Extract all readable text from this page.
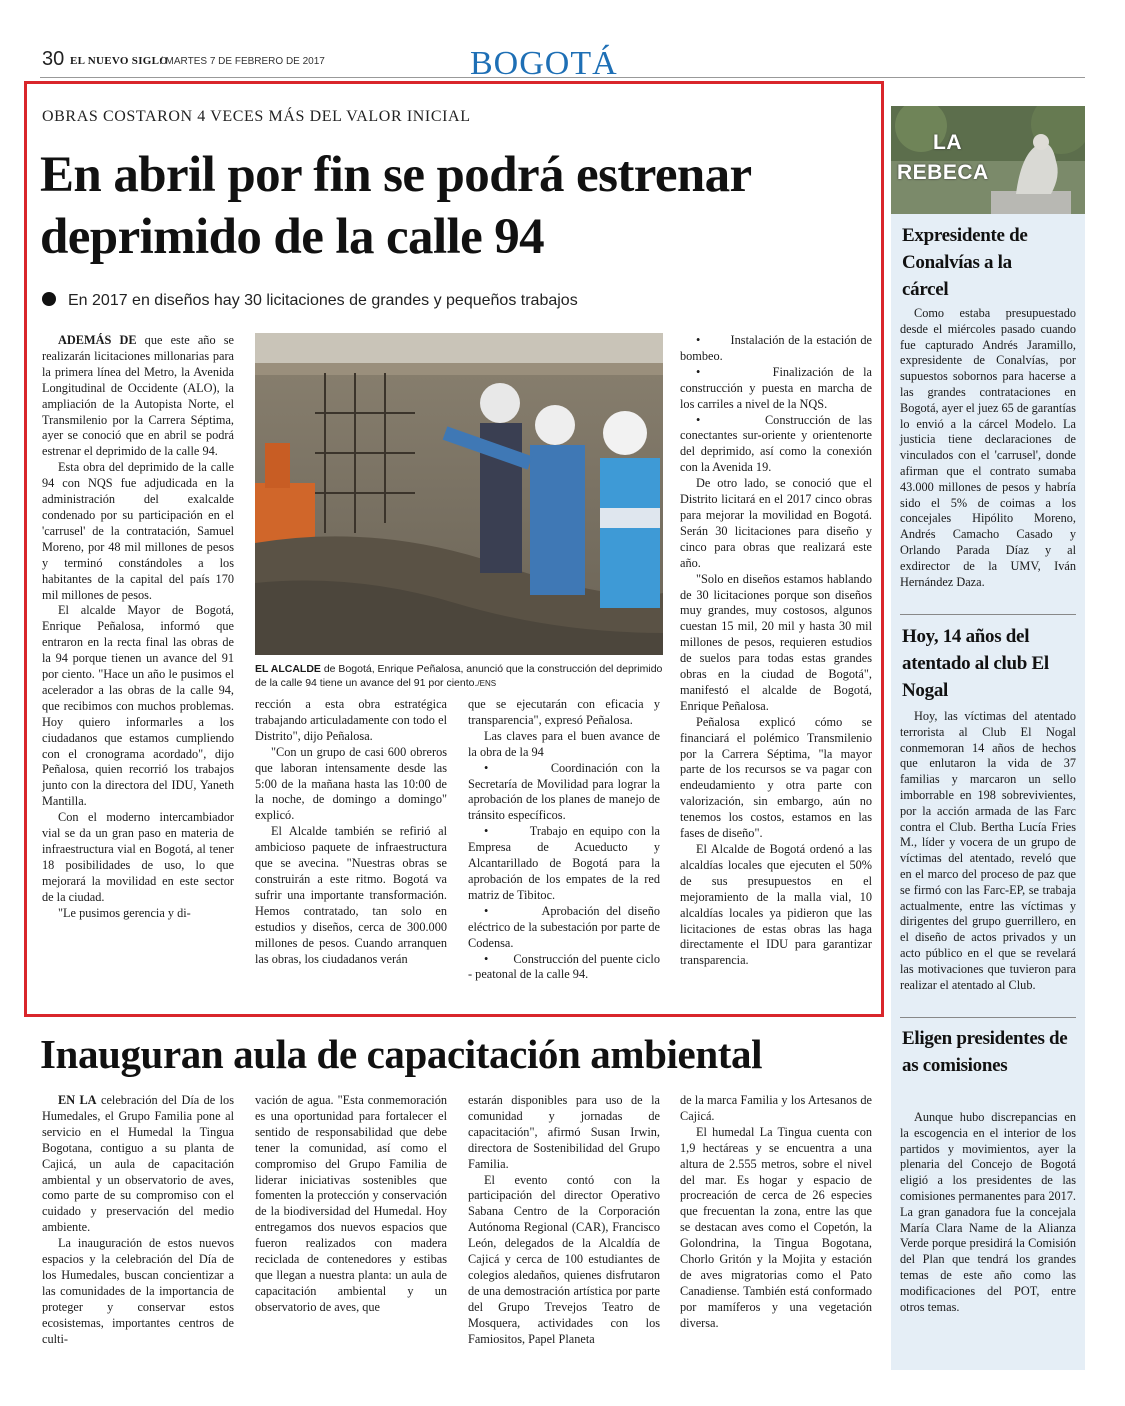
30 EL NUEVO SIGLO
/ MARTES 7 DE FEBRERO DE 2017	BOGOTÁ
OBRAS COSTARON 4 VECES MÁS DEL VALOR INICIAL
En abril por fin se podrá estrenar deprimido de la calle 94
En 2017 en diseños hay 30 licitaciones de grandes y pequeños trabajos

ADEMÁS DE que este año se realizarán licitaciones millonarias para la primera línea del Metro, la Avenida Longitudinal de Occidente (ALO), la ampliación de la Autopista Norte, el Transmilenio por la Carrera Séptima, ayer se conoció que en abril se podrá estrenar el deprimido de la calle 94.

Esta obra del deprimido de la calle 94 con NQS fue adjudicada en la administración del exalcalde condenado por su participación en el 'carrusel' de la contratación, Samuel Moreno, por 48 mil millones de pesos y terminó constándoles a los habitantes de la capital del país 170 mil millones de pesos.

El alcalde Mayor de Bogotá, Enrique Peñalosa, informó que entraron en la recta final las obras de la 94 porque tienen un avance del 91 por ciento. "Hace un año le pusimos el acelerador a las obras de la calle 94, que recibimos con muchos problemas. Hoy quiero informarles a los ciudadanos que estamos cumpliendo con el cronograma acordado", dijo Peñalosa, quien recorrió los trabajos junto con la directora del IDU, Yaneth Mantilla.

Con el moderno intercambiador vial se da un gran paso en materia de infraestructura vial en Bogotá, al tener 18 posibilidades de uso, lo que mejorará la movilidad en este sector de la ciudad.

"Le pusimos gerencia y di-

EL ALCALDE de Bogotá, Enrique Peñalosa, anunció que la construcción del deprimido de la calle 94 tiene un avance del 91 por ciento./ENS

rección a esta obra estratégica trabajando articuladamente con todo el Distrito", dijo Peñalosa.

"Con un grupo de casi 600 obreros que laboran intensamente desde las 5:00 de la mañana hasta las 10:00 de la noche, de domingo a domingo" explicó.

El Alcalde también se refirió al ambicioso paquete de infraestructura que se avecina. "Nuestras obras se construirán a este ritmo. Bogotá va sufrir una importante transformación. Hemos contratado, tan solo en estudios y diseños, cerca de 300.000 millones de pesos. Cuando arranquen las obras, los ciudadanos verán

que se ejecutarán con eficacia y transparencia", expresó Peñalosa.

Las claves para el buen avance de la obra de la 94

•        Coordinación con la Secretaría de Movilidad para lograr la aprobación de los planes de manejo de tránsito específicos.

•        Trabajo en equipo con la Empresa de Acueducto y Alcantarillado de Bogotá para la aprobación de los empates de la red matriz de Tibitoc.

•        Aprobación del diseño eléctrico de la subestación por parte de Codensa.

•        Construcción del puente ciclo - peatonal de la calle 94.

•        Instalación de la estación de bombeo.

•        Finalización de la construcción y puesta en marcha de los carriles a nivel de la NQS.

•        Construcción de las conectantes sur-oriente y orientenorte del deprimido, así como la conexión con la Avenida 19.

De otro lado, se conoció que el Distrito licitará en el 2017 cinco obras para mejorar la movilidad en Bogotá. Serán 30 licitaciones para diseño y cinco para obras que realizará este año.

"Solo en diseños estamos hablando de 30 licitaciones porque son diseños muy grandes, muy costosos, algunos cuestan 15 mil, 20 mil y hasta 30 mil millones de pesos, requieren estudios de suelos para todas estas grandes obras en la ciudad de Bogotá", manifestó el alcalde de Bogotá, Enrique Peñalosa.

Peñalosa explicó cómo se financiará el polémico Transmilenio por la Carrera Séptima, "la mayor parte de los recursos se va pagar con endeudamiento y otra parte con valorización, sin embargo, aún no tenemos los costos, estamos en las fases de diseño".

El Alcalde de Bogotá ordenó a las alcaldías locales que ejecuten el 50% de sus presupuestos en el mejoramiento de la malla vial, 10 alcaldías locales ya pidieron que las licitaciones de estas obras las haga directamente el IDU para garantizar transparencia.

Inauguran aula de capacitación ambiental

EN LA celebración del Día de los Humedales, el Grupo Familia pone al servicio en el Humedal la Tingua Bogotana, contiguo a su planta de Cajicá, un aula de capacitación ambiental y un observatorio de aves, como parte de su compromiso con el cuidado y preservación del medio ambiente.

La inauguración de estos nuevos espacios y la celebración del Día de los Humedales, buscan concientizar a las comunidades de la importancia de proteger y conservar estos ecosistemas, importantes centros de culti-

vación de agua. "Esta conmemoración es una oportunidad para fortalecer el sentido de responsabilidad que debe tener la comunidad, así como el compromiso del Grupo Familia de liderar iniciativas sostenibles que fomenten la protección y conservación de la biodiversidad del Humedal. Hoy entregamos dos nuevos espacios que fueron realizados con madera reciclada de contenedores y estibas que llegan a nuestra planta: un aula de capacitación ambiental y un observatorio de aves, que

estarán disponibles para uso de la comunidad y jornadas de capacitación", afirmó Susan Irwin, directora de Sostenibilidad del Grupo Familia.

El evento contó con la participación del director Operativo Sabana Centro de la Corporación Autónoma Regional (CAR), Francisco León, delegados de la Alcaldía de Cajicá y cerca de 100 estudiantes de colegios aledaños, quienes disfrutaron de una demostración artística por parte del Grupo Trevejos Teatro de Mosquera, actividades con los Famiositos, Papel Planeta

de la marca Familia y los Artesanos de Cajicá.

El humedal La Tingua cuenta con 1,9 hectáreas y se encuentra a una altura de 2.555 metros, sobre el nivel del mar. Es hogar y espacio de procreación de cerca de 26 especies que frecuentan la zona, entre las que se destacan aves como el Copetón, la Golondrina, la Tingua Bogotana, Chorlo Gritón y la Mojita y estación de aves migratorias como el Pato Canadiense. También está conformado por mamíferos y una vegetación diversa.

LA
REBECA
Expresidente de Conalvías a la cárcel

Como estaba presupuestado desde el miércoles pasado cuando fue capturado Andrés Jaramillo, expresidente de Conalvías, por supuestos sobornos para hacerse a las grandes contrataciones en Bogotá, ayer el juez 65 de garantías lo envió a la cárcel Modelo. La justicia tiene declaraciones de vinculados con el 'carrusel', donde afirman que el contrato sumaba 43.000 millones de pesos y habría sido el 5% de coimas a los concejales Hipólito Moreno, Andrés Camacho Casado y Orlando Parada Díaz y al exdirector de la UMV, Iván Hernández Daza.

Hoy, 14 años del atentado al club El Nogal

Hoy, las víctimas del atentado terrorista al Club El Nogal conmemoran 14 años de hechos que enlutaron la vida de 37 familias y marcaron un sello imborrable en 198 sobrevivientes, por la acción armada de las Farc contra el Club. Bertha Lucía Fries M., líder y vocera de un grupo de víctimas del atentado, reveló que en el marco del proceso de paz que se firmó con las Farc-EP, se trabaja actualmente, entre las víctimas y dirigentes del grupo guerrillero, en el diseño de actos privados y un acto público en el que se revelará las motivaciones que tuvieron para realizar el atentado al Club.

Eligen presidentes de as comisiones

Aunque hubo discrepancias en la escogencia en el interior de los partidos y movimientos, ayer la plenaria del Concejo de Bogotá eligió a los presidentes de las comisiones permanentes para 2017. La gran ganadora fue la concejala María Clara Name de la Alianza Verde porque presidirá la Comisión del Plan que tendrá los grandes temas de este año como las modificaciones del POT, entre otros temas.
